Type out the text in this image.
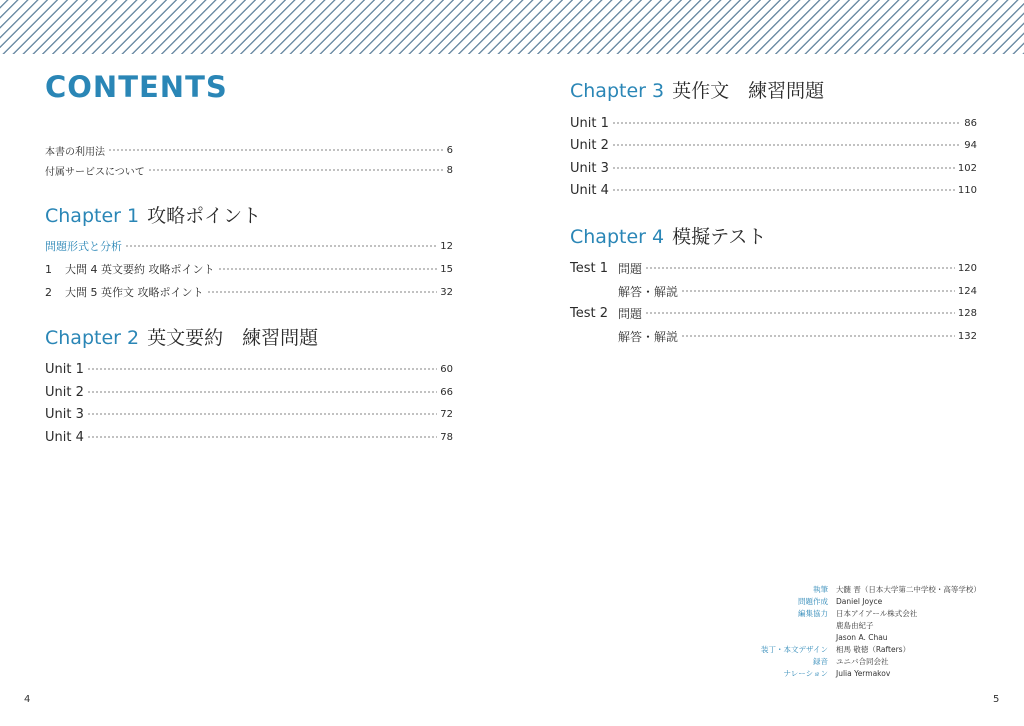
CONTENTS
本書の利用法	6
付属サービスについて	8
Chapter 1 攻略ポイント
問題形式と分析	12
1 大問 4 英文要約 攻略ポイント	15
2 大問 5 英作文 攻略ポイント	32
Chapter 2 英文要約　練習問題
Unit 1	60
Unit 2	66
Unit 3	72
Unit 4	78
Chapter 3 英作文　練習問題
Unit 1	86
Unit 2	94
Unit 3	102
Unit 4	110
Chapter 4 模擬テスト
Test 1 問題	120
解答・解説	124
Test 2 問題	128
解答・解説	132
執筆	大髄 晋（日本大学第二中学校・高等学校）
問題作成	Daniel Joyce
編集協力	日本アイアール株式会社
鹿島由紀子
Jason A. Chau
装丁・本文デザイン	相馬 敬徳（Rafters）
録音	ユニバ合同会社
ナレーション	Julia Yermakov
4	5
